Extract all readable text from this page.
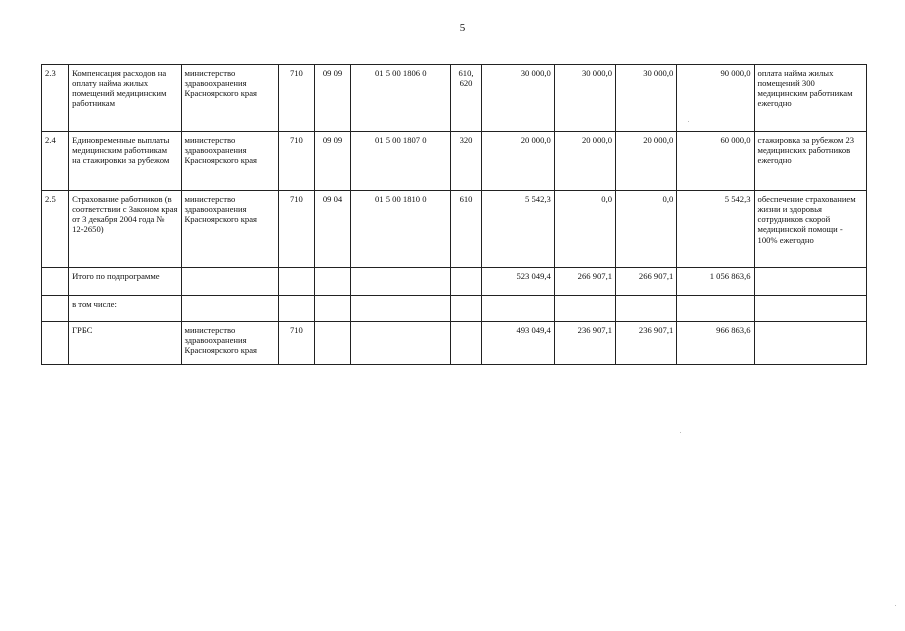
5
2.3	Компенсация расходов на оплату найма жилых помещений медицинским работникам	министерство здравоохранения Красноярского края	710	09 09	01 5 00 1806 0	610, 620	30 000,0	30 000,0	30 000,0	90 000,0	оплата найма жилых помещений 300 медицинским работникам ежегодно
2.4	Единовременные выплаты медицинским работникам на стажировки за рубежом	министерство здравоохранения Красноярского края	710	09 09	01 5 00 1807 0	320	20 000,0	20 000,0	20 000,0	60 000,0	стажировка за рубежом 23 медицинских работников ежегодно
2.5	Страхование работников (в соответствии с Законом края от 3 декабря 2004 года № 12-2650)	министерство здравоохранения Красноярского края	710	09 04	01 5 00 1810 0	610	5 542,3	0,0	0,0	5 542,3	обеспечение страхованием жизни и здоровья сотрудников скорой медицинской помощи - 100% ежегодно
	Итого по подпрограмме						523 049,4	266 907,1	266 907,1	1 056 863,6	
	в том числе:										
	ГРБС	министерство здравоохранения Красноярского края	710				493 049,4	236 907,1	236 907,1	966 863,6	
